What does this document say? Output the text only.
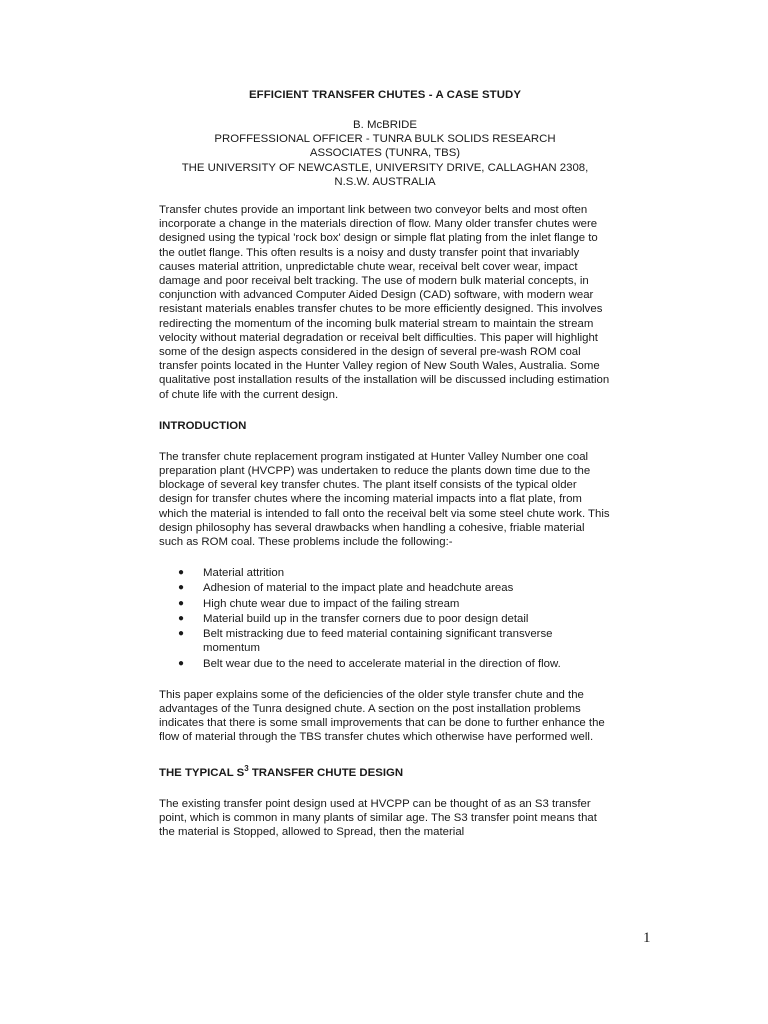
EFFICIENT TRANSFER CHUTES - A CASE STUDY
B. McBRIDE
PROFFESSIONAL OFFICER - TUNRA BULK SOLIDS RESEARCH
ASSOCIATES (TUNRA, TBS)
THE UNIVERSITY OF NEWCASTLE, UNIVERSITY DRIVE, CALLAGHAN 2308,
N.S.W. AUSTRALIA

Transfer chutes provide an important link between two conveyor belts and most often incorporate a change in the materials direction of flow. Many older transfer chutes were designed using the typical 'rock box' design or simple flat plating from the inlet flange to the outlet flange. This often results is a noisy and dusty transfer point that invariably causes material attrition, unpredictable chute wear, receival belt cover wear, impact damage and poor receival belt tracking. The use of modern bulk material concepts, in conjunction with advanced Computer Aided Design (CAD) software, with modern wear resistant materials enables transfer chutes to be more efficiently designed. This involves redirecting the momentum of the incoming bulk material stream to maintain the stream velocity without material degradation or receival belt difficulties. This paper will highlight some of the design aspects considered in the design of several pre-wash ROM coal transfer points located in the Hunter Valley region of New South Wales, Australia. Some qualitative post installation results of the installation will be discussed including estimation of chute life with the current design.

INTRODUCTION

The transfer chute replacement program instigated at Hunter Valley Number one coal preparation plant (HVCPP) was undertaken to reduce the plants down time due to the blockage of several key transfer chutes. The plant itself consists of the typical older design for transfer chutes where the incoming material impacts into a flat plate, from which the material is intended to fall onto the receival belt via some steel chute work. This design philosophy has several drawbacks when handling a cohesive, friable material such as ROM coal. These problems include the following:-

● Material attrition
● Adhesion of material to the impact plate and headchute areas
● High chute wear due to impact of the failing stream
● Material build up in the transfer corners due to poor design detail
● Belt mistracking due to feed material containing significant transverse momentum
● Belt wear due to the need to accelerate material in the direction of flow.

This paper explains some of the deficiencies of the older style transfer chute and the advantages of the Tunra designed chute. A section on the post installation problems indicates that there is some small improvements that can be done to further enhance the flow of material through the TBS transfer chutes which otherwise have performed well.

THE TYPICAL $S^3$ TRANSFER CHUTE DESIGN

The existing transfer point design used at HVCPP can be thought of as an S3 transfer point, which is common in many plants of similar age. The S3 transfer point means that the material is Stopped, allowed to Spread, then the material

1
